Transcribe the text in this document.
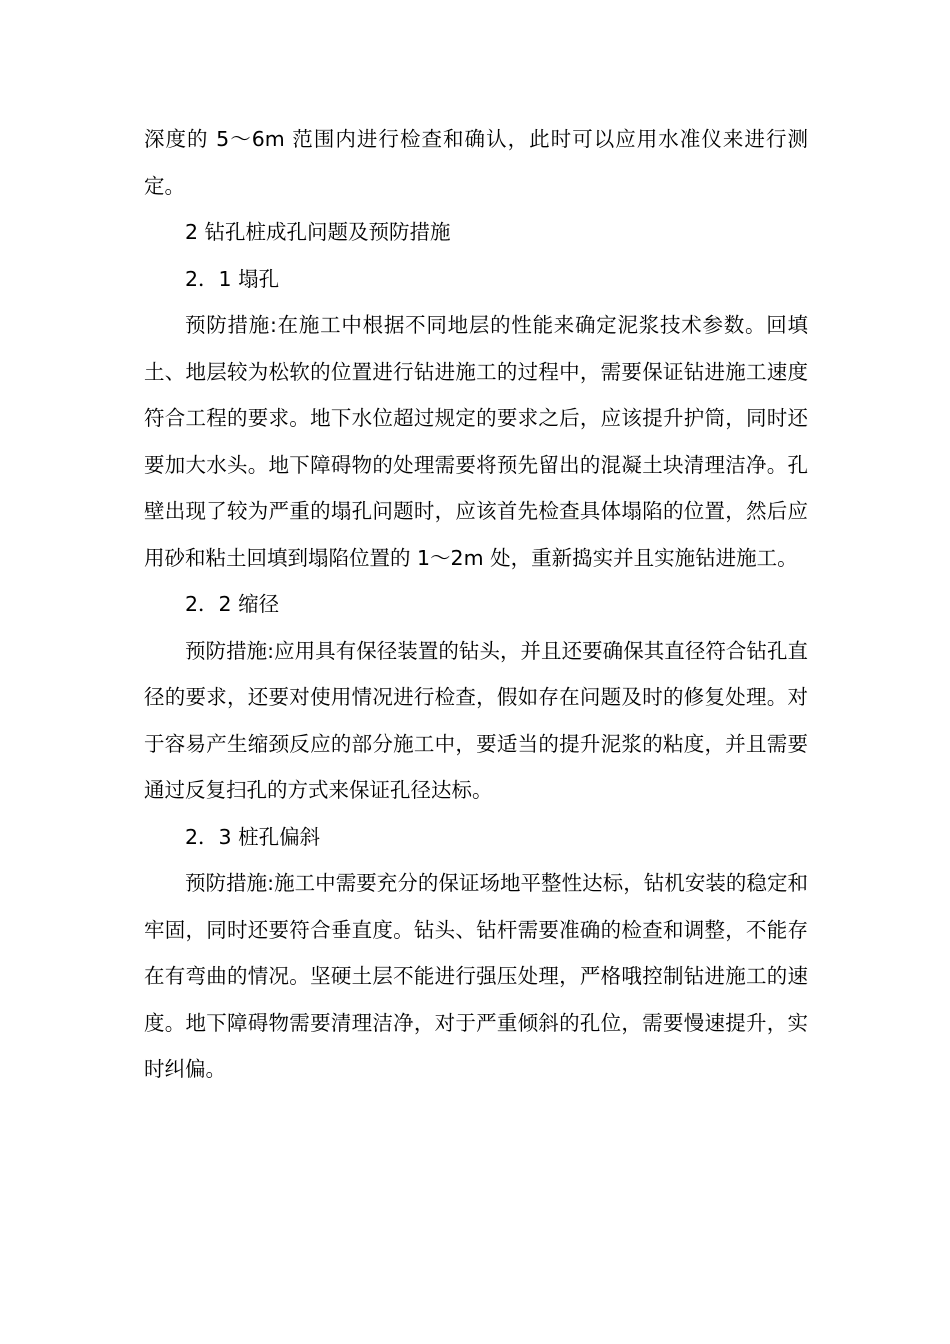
深度的 5～6m 范围内进行检查和确认，此时可以应用水准仪来进行测定。

2 钻孔桩成孔问题及预防措施

2．1 塌孔

预防措施:在施工中根据不同地层的性能来确定泥浆技术参数。回填土、地层较为松软的位置进行钻进施工的过程中，需要保证钻进施工速度符合工程的要求。地下水位超过规定的要求之后，应该提升护筒，同时还要加大水头。地下障碍物的处理需要将预先留出的混凝土块清理洁净。孔壁出现了较为严重的塌孔问题时，应该首先检查具体塌陷的位置，然后应用砂和粘土回填到塌陷位置的 1～2m 处，重新捣实并且实施钻进施工。

2．2 缩径

预防措施:应用具有保径装置的钻头，并且还要确保其直径符合钻孔直径的要求，还要对使用情况进行检查，假如存在问题及时的修复处理。对于容易产生缩颈反应的部分施工中，要适当的提升泥浆的粘度，并且需要通过反复扫孔的方式来保证孔径达标。

2．3 桩孔偏斜

预防措施:施工中需要充分的保证场地平整性达标，钻机安装的稳定和牢固，同时还要符合垂直度。钻头、钻杆需要准确的检查和调整，不能存在有弯曲的情况。坚硬土层不能进行强压处理，严格哦控制钻进施工的速度。地下障碍物需要清理洁净，对于严重倾斜的孔位，需要慢速提升，实时纠偏。
